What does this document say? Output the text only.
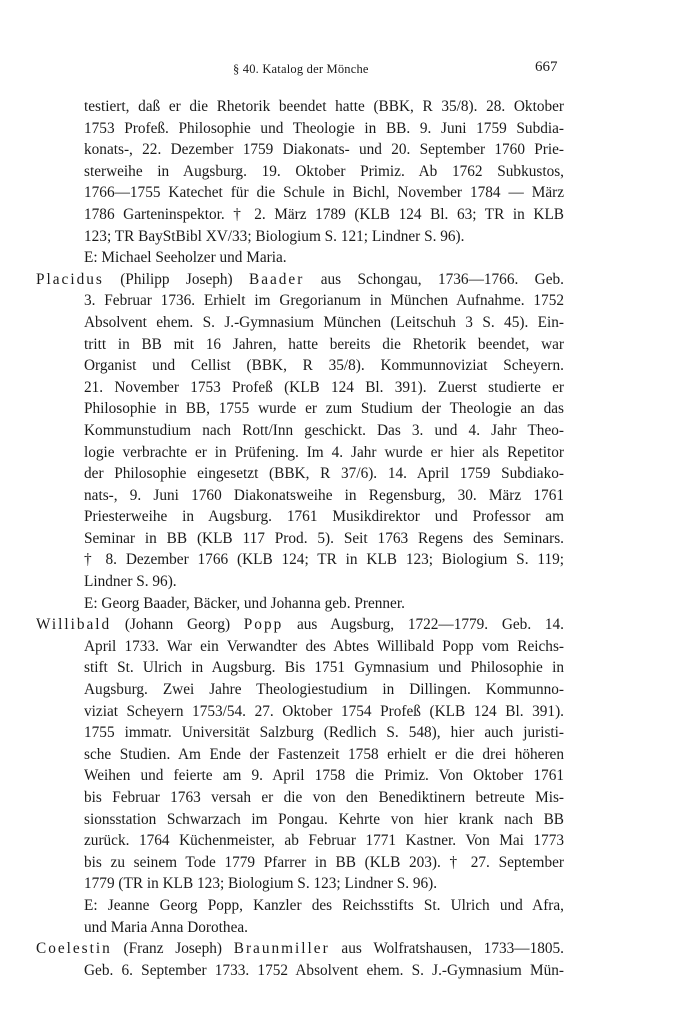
§ 40. Katalog der Mönche	667
testiert, daß er die Rhetorik beendet hatte (BBK, R 35/8). 28. Oktober
1753 Profeß. Philosophie und Theologie in BB. 9. Juni 1759 Subdia-
konats-, 22. Dezember 1759 Diakonats- und 20. September 1760 Prie-
sterweihe in Augsburg. 19. Oktober Primiz. Ab 1762 Subkustos,
1766—1755 Katechet für die Schule in Bichl, November 1784 — März
1786 Garteninspektor. † 2. März 1789 (KLB 124 Bl. 63; TR in KLB
123; TR BayStBibl XV/33; Biologium S. 121; Lindner S. 96).
E: Michael Seeholzer und Maria.
Placidus (Philipp Joseph) Baader aus Schongau, 1736—1766. Geb.
3. Februar 1736. Erhielt im Gregorianum in München Aufnahme. 1752
Absolvent ehem. S. J.-Gymnasium München (Leitschuh 3 S. 45). Ein-
tritt in BB mit 16 Jahren, hatte bereits die Rhetorik beendet, war
Organist und Cellist (BBK, R 35/8). Kommunnoviziat Scheyern.
21. November 1753 Profeß (KLB 124 Bl. 391). Zuerst studierte er
Philosophie in BB, 1755 wurde er zum Studium der Theologie an das
Kommunstudium nach Rott/Inn geschickt. Das 3. und 4. Jahr Theo-
logie verbrachte er in Prüfening. Im 4. Jahr wurde er hier als Repetitor
der Philosophie eingesetzt (BBK, R 37/6). 14. April 1759 Subdiako-
nats-, 9. Juni 1760 Diakonatsweihe in Regensburg, 30. März 1761
Priesterweihe in Augsburg. 1761 Musikdirektor und Professor am
Seminar in BB (KLB 117 Prod. 5). Seit 1763 Regens des Seminars.
† 8. Dezember 1766 (KLB 124; TR in KLB 123; Biologium S. 119;
Lindner S. 96).
E: Georg Baader, Bäcker, und Johanna geb. Prenner.
Willibald (Johann Georg) Popp aus Augsburg, 1722—1779. Geb. 14.
April 1733. War ein Verwandter des Abtes Willibald Popp vom Reichs-
stift St. Ulrich in Augsburg. Bis 1751 Gymnasium und Philosophie in
Augsburg. Zwei Jahre Theologiestudium in Dillingen. Kommunno-
viziat Scheyern 1753/54. 27. Oktober 1754 Profeß (KLB 124 Bl. 391).
1755 immatr. Universität Salzburg (Redlich S. 548), hier auch juristi-
sche Studien. Am Ende der Fastenzeit 1758 erhielt er die drei höheren
Weihen und feierte am 9. April 1758 die Primiz. Von Oktober 1761
bis Februar 1763 versah er die von den Benediktinern betreute Mis-
sionsstation Schwarzach im Pongau. Kehrte von hier krank nach BB
zurück. 1764 Küchenmeister, ab Februar 1771 Kastner. Von Mai 1773
bis zu seinem Tode 1779 Pfarrer in BB (KLB 203). † 27. September
1779 (TR in KLB 123; Biologium S. 123; Lindner S. 96).
E: Jeanne Georg Popp, Kanzler des Reichsstifts St. Ulrich und Afra,
und Maria Anna Dorothea.
Coelestin (Franz Joseph) Braunmiller aus Wolfratshausen, 1733—1805.
Geb. 6. September 1733. 1752 Absolvent ehem. S. J.-Gymnasium Mün-
